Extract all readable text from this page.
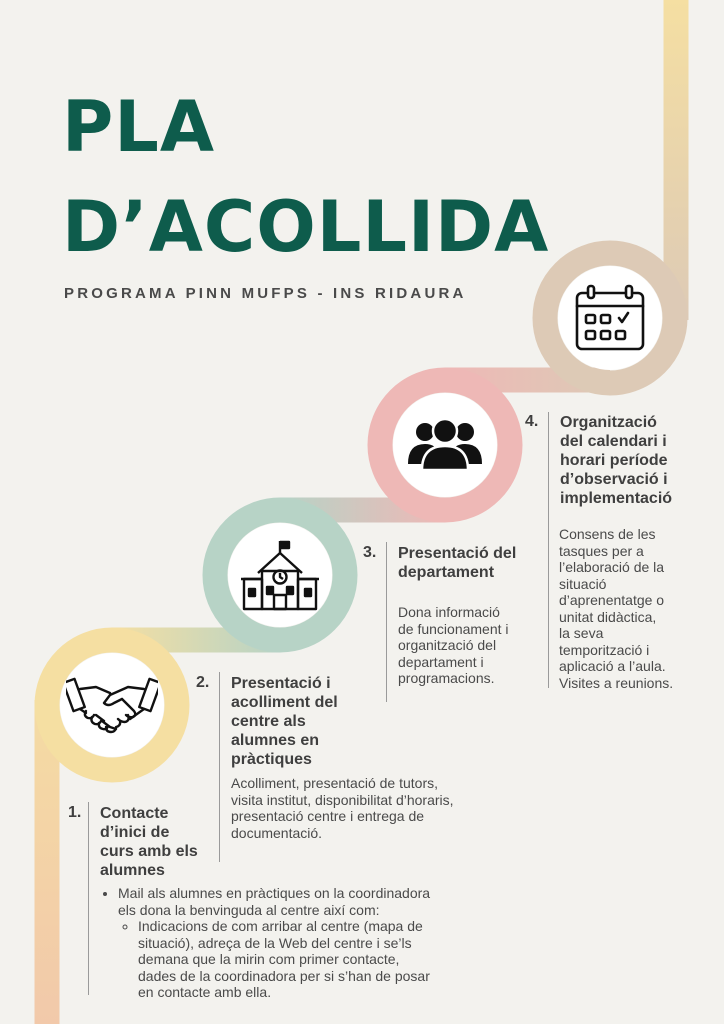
PLA
D’ACOLLIDA
PROGRAMA PINN MUFPS - INS RIDAURA
4. Organització
del calendari i
horari període
d’observació i
implementació
Consens de les
tasques per a
l’elaboració de la
situació
d’aprenentatge o
unitat didàctica,
la seva
temporització i
aplicació a l’aula.
Visites a reunions.
3. Presentació del
departament
Dona informació
de funcionament i
organització del
departament i
programacions.
2. Presentació i
acolliment del
centre als
alumnes en
pràctiques
Acolliment, presentació de tutors,
visita institut, disponibilitat d’horaris,
presentació centre i entrega de
documentació.
1. Contacte
d’inici de
curs amb els
alumnes
• Mail als alumnes en pràctiques on la coordinadora
els dona la benvinguda al centre així com:
◦ Indicacions de com arribar al centre (mapa de
situació), adreça de la Web del centre i se’ls
demana que la mirin com primer contacte,
dades de la coordinadora per si s’han de posar
en contacte amb ella.
